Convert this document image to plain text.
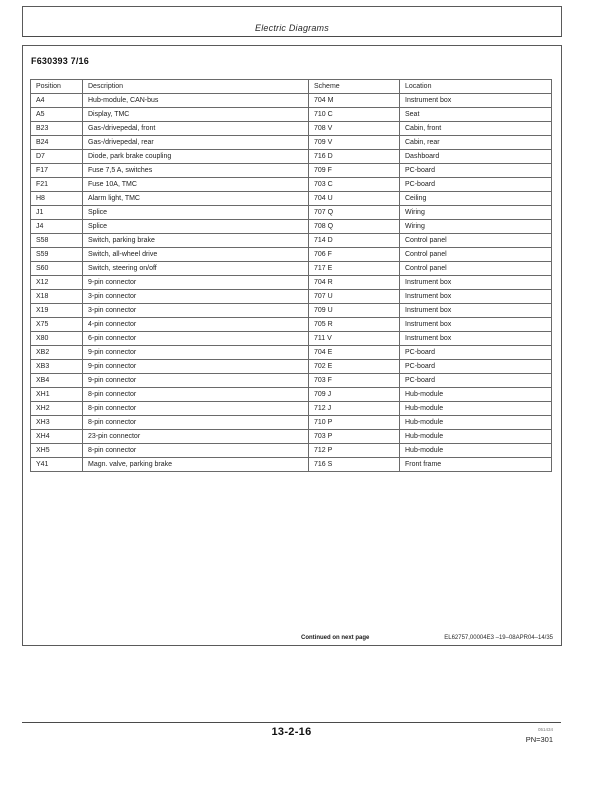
Electric Diagrams
F630393 7/16
Position	Description	Scheme	Location
A4	Hub-module, CAN-bus	704 M	Instrument box
A5	Display, TMC	710 C	Seat
B23	Gas-/drivepedal, front	708 V	Cabin, front
B24	Gas-/drivepedal, rear	709 V	Cabin, rear
D7	Diode, park brake coupling	716 D	Dashboard
F17	Fuse 7,5 A, switches	709 F	PC-board
F21	Fuse 10A, TMC	703 C	PC-board
H8	Alarm light, TMC	704 U	Ceiling
J1	Splice	707 Q	Wiring
J4	Splice	708 Q	Wiring
S58	Switch, parking brake	714 D	Control panel
S59	Switch, all-wheel drive	706 F	Control panel
S60	Switch, steering on/off	717 E	Control panel
X12	9-pin connector	704 R	Instrument box
X18	3-pin connector	707 U	Instrument box
X19	3-pin connector	709 U	Instrument box
X75	4-pin connector	705 R	Instrument box
X80	6-pin connector	711 V	Instrument box
XB2	9-pin connector	704 E	PC-board
XB3	9-pin connector	702 E	PC-board
XB4	9-pin connector	703 F	PC-board
XH1	8-pin connector	709 J	Hub-module
XH2	8-pin connector	712 J	Hub-module
XH3	8-pin connector	710 P	Hub-module
XH4	23-pin connector	703 P	Hub-module
XH5	8-pin connector	712 P	Hub-module
Y41	Magn. valve, parking brake	716 S	Front frame
Continued on next page	EL62757,00004E3 –19–08APR04–14/35
13-2-16	051434
PN=301
